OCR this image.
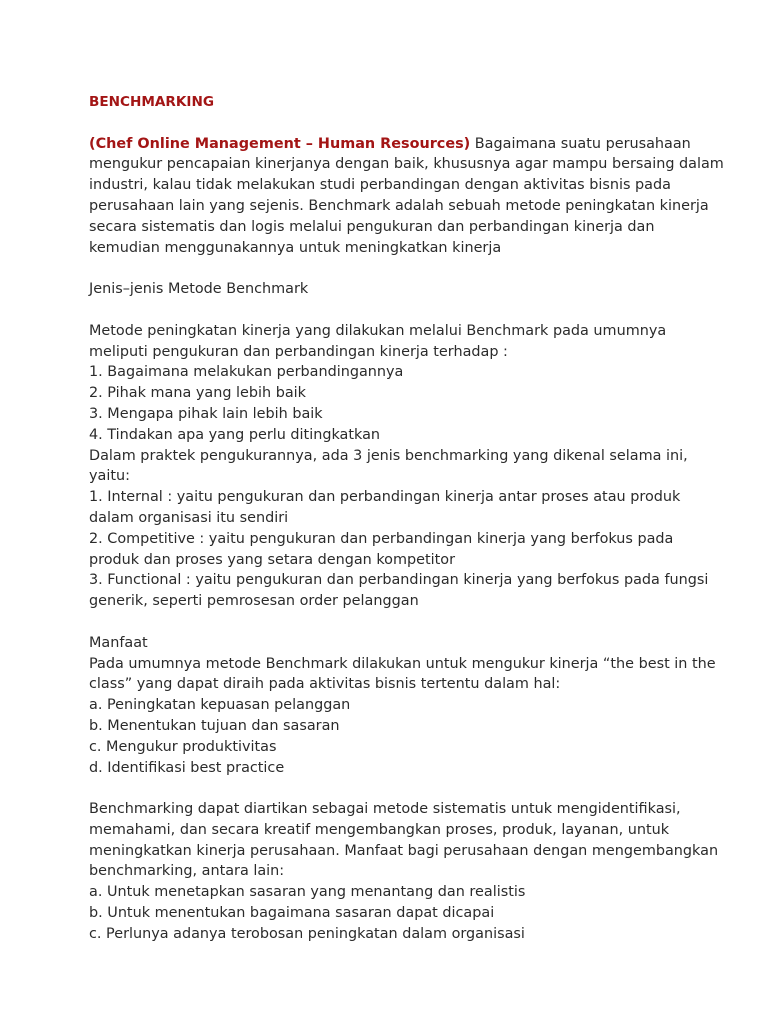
BENCHMARKING

(Chef Online Management – Human Resources) Bagaimana suatu perusahaan
mengukur pencapaian kinerjanya dengan baik, khususnya agar mampu bersaing dalam
industri, kalau tidak melakukan studi perbandingan dengan aktivitas bisnis pada
perusahaan lain yang sejenis. Benchmark adalah sebuah metode peningkatan kinerja
secara sistematis dan logis melalui pengukuran dan perbandingan kinerja dan
kemudian menggunakannya untuk meningkatkan kinerja
Jenis–jenis Metode Benchmark
Metode peningkatan kinerja yang dilakukan melalui Benchmark pada umumnya
meliputi pengukuran dan perbandingan kinerja terhadap :
1. Bagaimana melakukan perbandingannya
2. Pihak mana yang lebih baik
3. Mengapa pihak lain lebih baik
4. Tindakan apa yang perlu ditingkatkan
Dalam praktek pengukurannya, ada 3 jenis benchmarking yang dikenal selama ini,
yaitu:
1. Internal : yaitu pengukuran dan perbandingan kinerja antar proses atau produk
dalam organisasi itu sendiri
2. Competitive : yaitu pengukuran dan perbandingan kinerja yang berfokus pada
produk dan proses yang setara dengan kompetitor
3. Functional : yaitu pengukuran dan perbandingan kinerja yang berfokus pada fungsi
generik, seperti pemrosesan order pelanggan
Manfaat
Pada umumnya metode Benchmark dilakukan untuk mengukur kinerja “the best in the
class” yang dapat diraih pada aktivitas bisnis tertentu dalam hal:
a. Peningkatan kepuasan pelanggan
b. Menentukan tujuan dan sasaran
c. Mengukur produktivitas
d. Identifikasi best practice
Benchmarking dapat diartikan sebagai metode sistematis untuk mengidentifikasi,
memahami, dan secara kreatif mengembangkan proses, produk, layanan, untuk
meningkatkan kinerja perusahaan. Manfaat bagi perusahaan dengan mengembangkan
benchmarking, antara lain:
a. Untuk menetapkan sasaran yang menantang dan realistis
b. Untuk menentukan bagaimana sasaran dapat dicapai
c. Perlunya adanya terobosan peningkatan dalam organisasi
